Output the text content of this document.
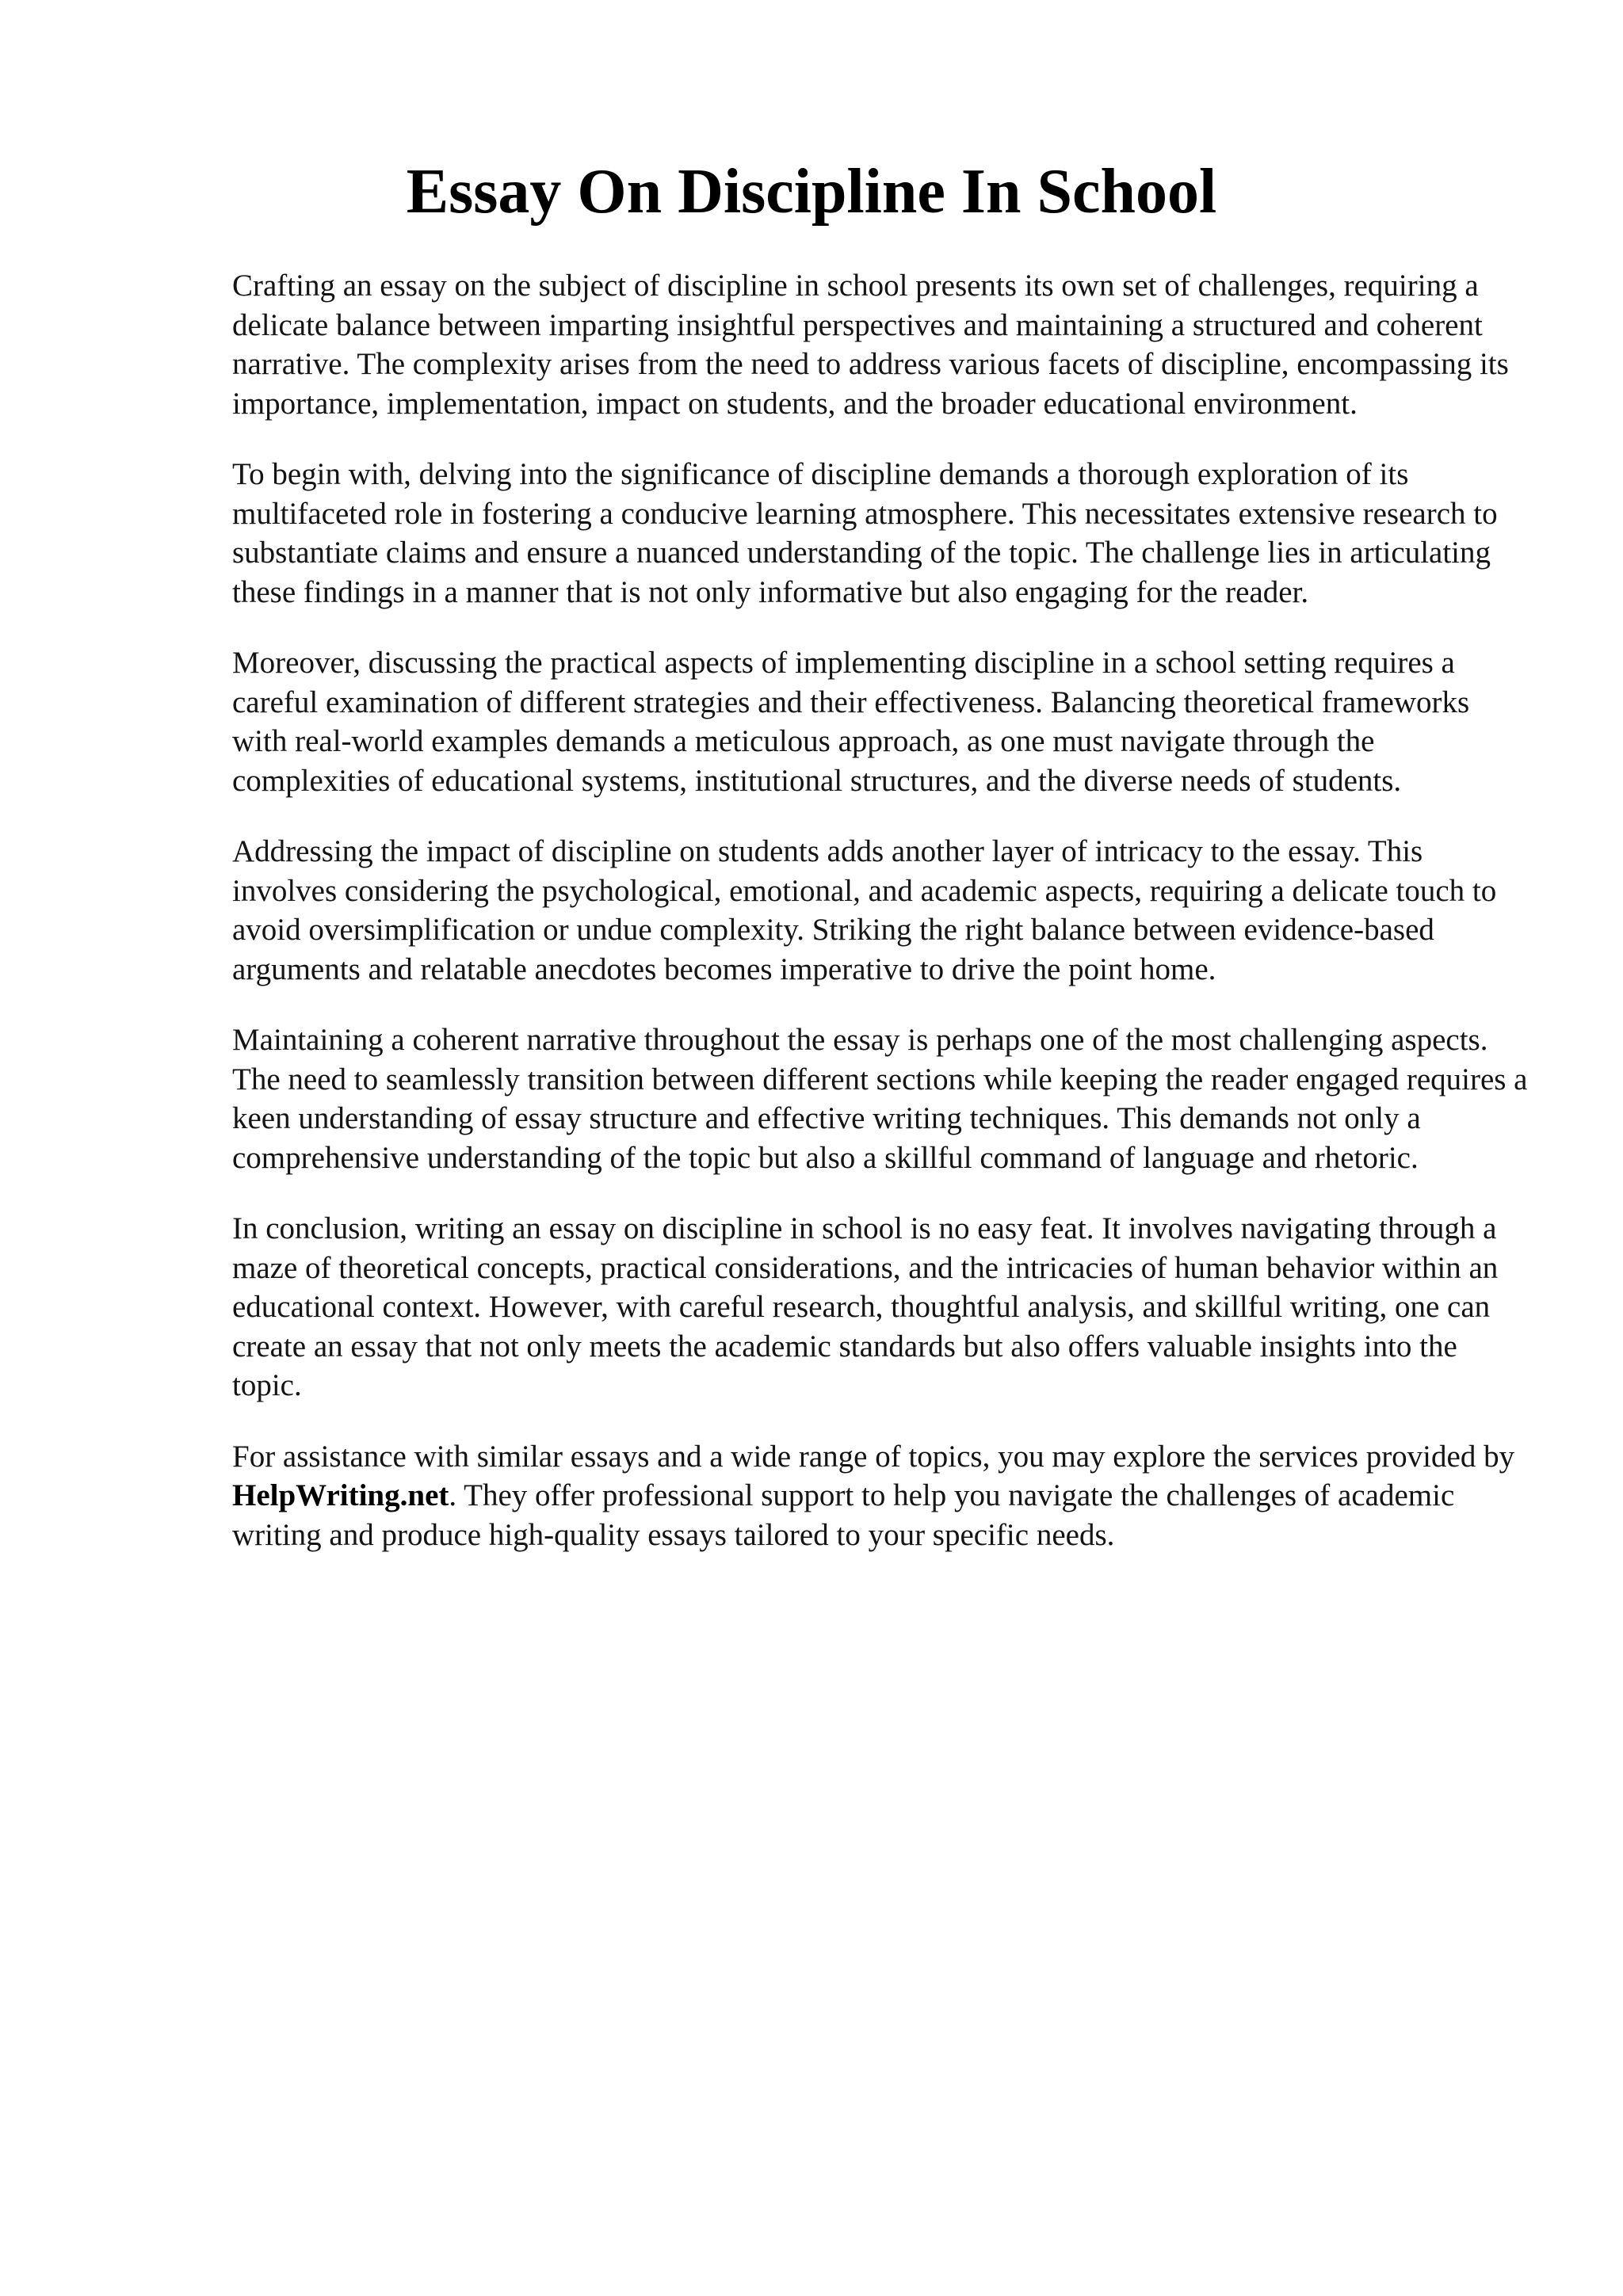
Essay On Discipline In School

Crafting an essay on the subject of discipline in school presents its own set of challenges, requiring a delicate balance between imparting insightful perspectives and maintaining a structured and coherent narrative. The complexity arises from the need to address various facets of discipline, encompassing its importance, implementation, impact on students, and the broader educational environment.

To begin with, delving into the significance of discipline demands a thorough exploration of its multifaceted role in fostering a conducive learning atmosphere. This necessitates extensive research to substantiate claims and ensure a nuanced understanding of the topic. The challenge lies in articulating these findings in a manner that is not only informative but also engaging for the reader.

Moreover, discussing the practical aspects of implementing discipline in a school setting requires a careful examination of different strategies and their effectiveness. Balancing theoretical frameworks with real-world examples demands a meticulous approach, as one must navigate through the complexities of educational systems, institutional structures, and the diverse needs of students.

Addressing the impact of discipline on students adds another layer of intricacy to the essay. This involves considering the psychological, emotional, and academic aspects, requiring a delicate touch to avoid oversimplification or undue complexity. Striking the right balance between evidence-based arguments and relatable anecdotes becomes imperative to drive the point home.

Maintaining a coherent narrative throughout the essay is perhaps one of the most challenging aspects. The need to seamlessly transition between different sections while keeping the reader engaged requires a keen understanding of essay structure and effective writing techniques. This demands not only a comprehensive understanding of the topic but also a skillful command of language and rhetoric.

In conclusion, writing an essay on discipline in school is no easy feat. It involves navigating through a maze of theoretical concepts, practical considerations, and the intricacies of human behavior within an educational context. However, with careful research, thoughtful analysis, and skillful writing, one can create an essay that not only meets the academic standards but also offers valuable insights into the topic.

For assistance with similar essays and a wide range of topics, you may explore the services provided by HelpWriting.net. They offer professional support to help you navigate the challenges of academic writing and produce high-quality essays tailored to your specific needs.
